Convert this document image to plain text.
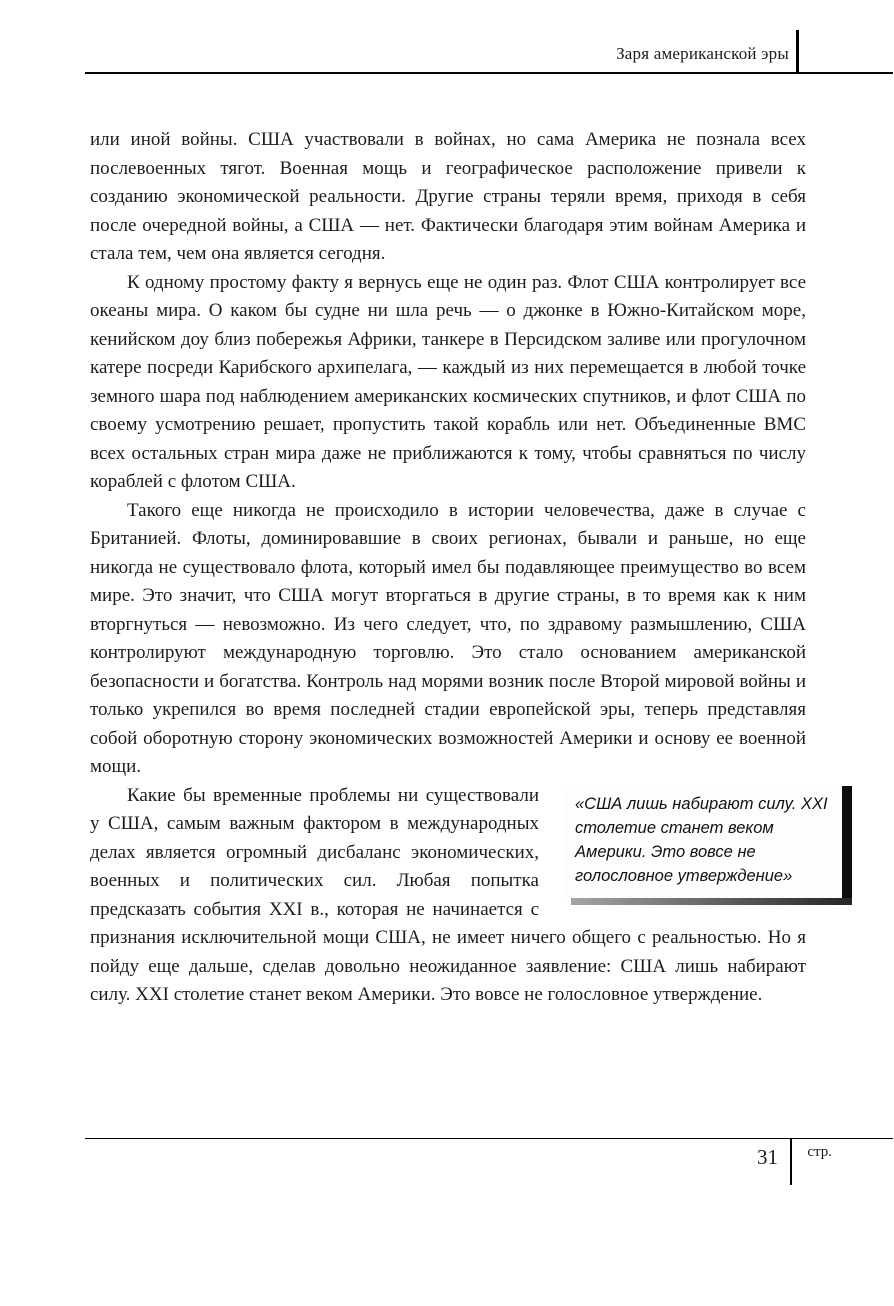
Заря американской эры

или иной войны. США участвовали в войнах, но сама Америка не познала всех послевоенных тягот. Военная мощь и географическое расположение привели к созданию экономической реальности. Другие страны теряли время, приходя в себя после очередной войны, а США — нет. Фактически благодаря этим войнам Америка и стала тем, чем она является сегодня.

К одному простому факту я вернусь еще не один раз. Флот США контролирует все океаны мира. О каком бы судне ни шла речь — о джонке в Южно-Китайском море, кенийском доу близ побережья Африки, танкере в Персидском заливе или прогулочном катере посреди Карибского архипелага, — каждый из них перемещается в любой точке земного шара под наблюдением американских космических спутников, и флот США по своему усмотрению решает, пропустить такой корабль или нет. Объединенные ВМС всех остальных стран мира даже не приближаются к тому, чтобы сравняться по числу кораблей с флотом США.

Такого еще никогда не происходило в истории человечества, даже в случае с Британией. Флоты, доминировавшие в своих регионах, бывали и раньше, но еще никогда не существовало флота, который имел бы подавляющее преимущество во всем мире. Это значит, что США могут вторгаться в другие страны, в то время как к ним вторгнуться — невозможно. Из чего следует, что, по здравому размышлению, США контролируют международную торговлю. Это стало основанием американской безопасности и богатства. Контроль над морями возник после Второй мировой войны и только укрепился во время последней стадии европейской эры, теперь представляя собой оборотную сторону экономических возможностей Америки и основу ее военной мощи.

«США лишь набирают силу. XXI столетие станет веком Америки. Это вовсе не голословное утверждение»

Какие бы временные проблемы ни существовали у США, самым важным фактором в международных делах является огромный дисбаланс экономических, военных и политических сил. Любая попытка предсказать события XXI в., которая не начинается с признания исключительной мощи США, не имеет ничего общего с реальностью. Но я пойду еще дальше, сделав довольно неожиданное заявление: США лишь набирают силу. XXI столетие станет веком Америки. Это вовсе не голословное утверждение.

31 стр.
